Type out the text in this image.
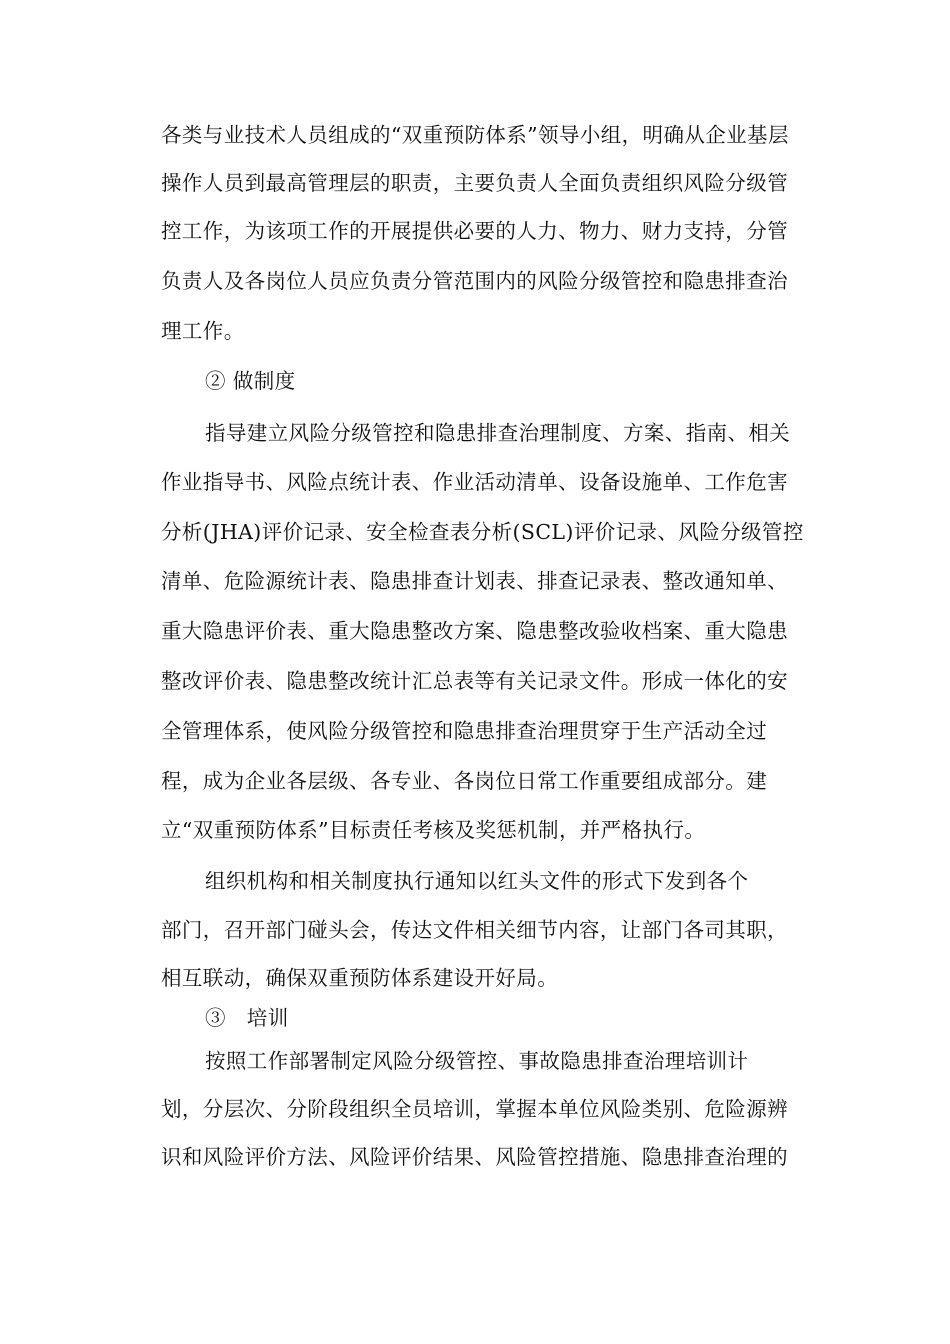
各类与业技术人员组成的“双重预防体系”领导小组，明确从企业基层
操作人员到最高管理层的职责，主要负责人全面负责组织风险分级管
控工作，为该项工作的开展提供必要的人力、物力、财力支持，分管
负责人及各岗位人员应负责分管范围内的风险分级管控和隐患排查治
理工作。
② 做制度
指导建立风险分级管控和隐患排查治理制度、方案、指南、相关
作业指导书、风险点统计表、作业活动清单、设备设施单、工作危害
分析(JHA)评价记录、安全检查表分析(SCL)评价记录、风险分级管控
清单、危险源统计表、隐患排查计划表、排查记录表、整改通知单、
重大隐患评价表、重大隐患整改方案、隐患整改验收档案、重大隐患
整改评价表、隐患整改统计汇总表等有关记录文件。形成一体化的安
全管理体系，使风险分级管控和隐患排查治理贯穿于生产活动全过
程，成为企业各层级、各专业、各岗位日常工作重要组成部分。建
立“双重预防体系”目标责任考核及奖惩机制，并严格执行。
组织机构和相关制度执行通知以红头文件的形式下发到各个
部门，召开部门碰头会，传达文件相关细节内容，让部门各司其职，
相互联动，确保双重预防体系建设开好局。
③　培训
按照工作部署制定风险分级管控、事故隐患排查治理培训计
划，分层次、分阶段组织全员培训，掌握本单位风险类别、危险源辨
识和风险评价方法、风险评价结果、风险管控措施、隐患排查治理的
